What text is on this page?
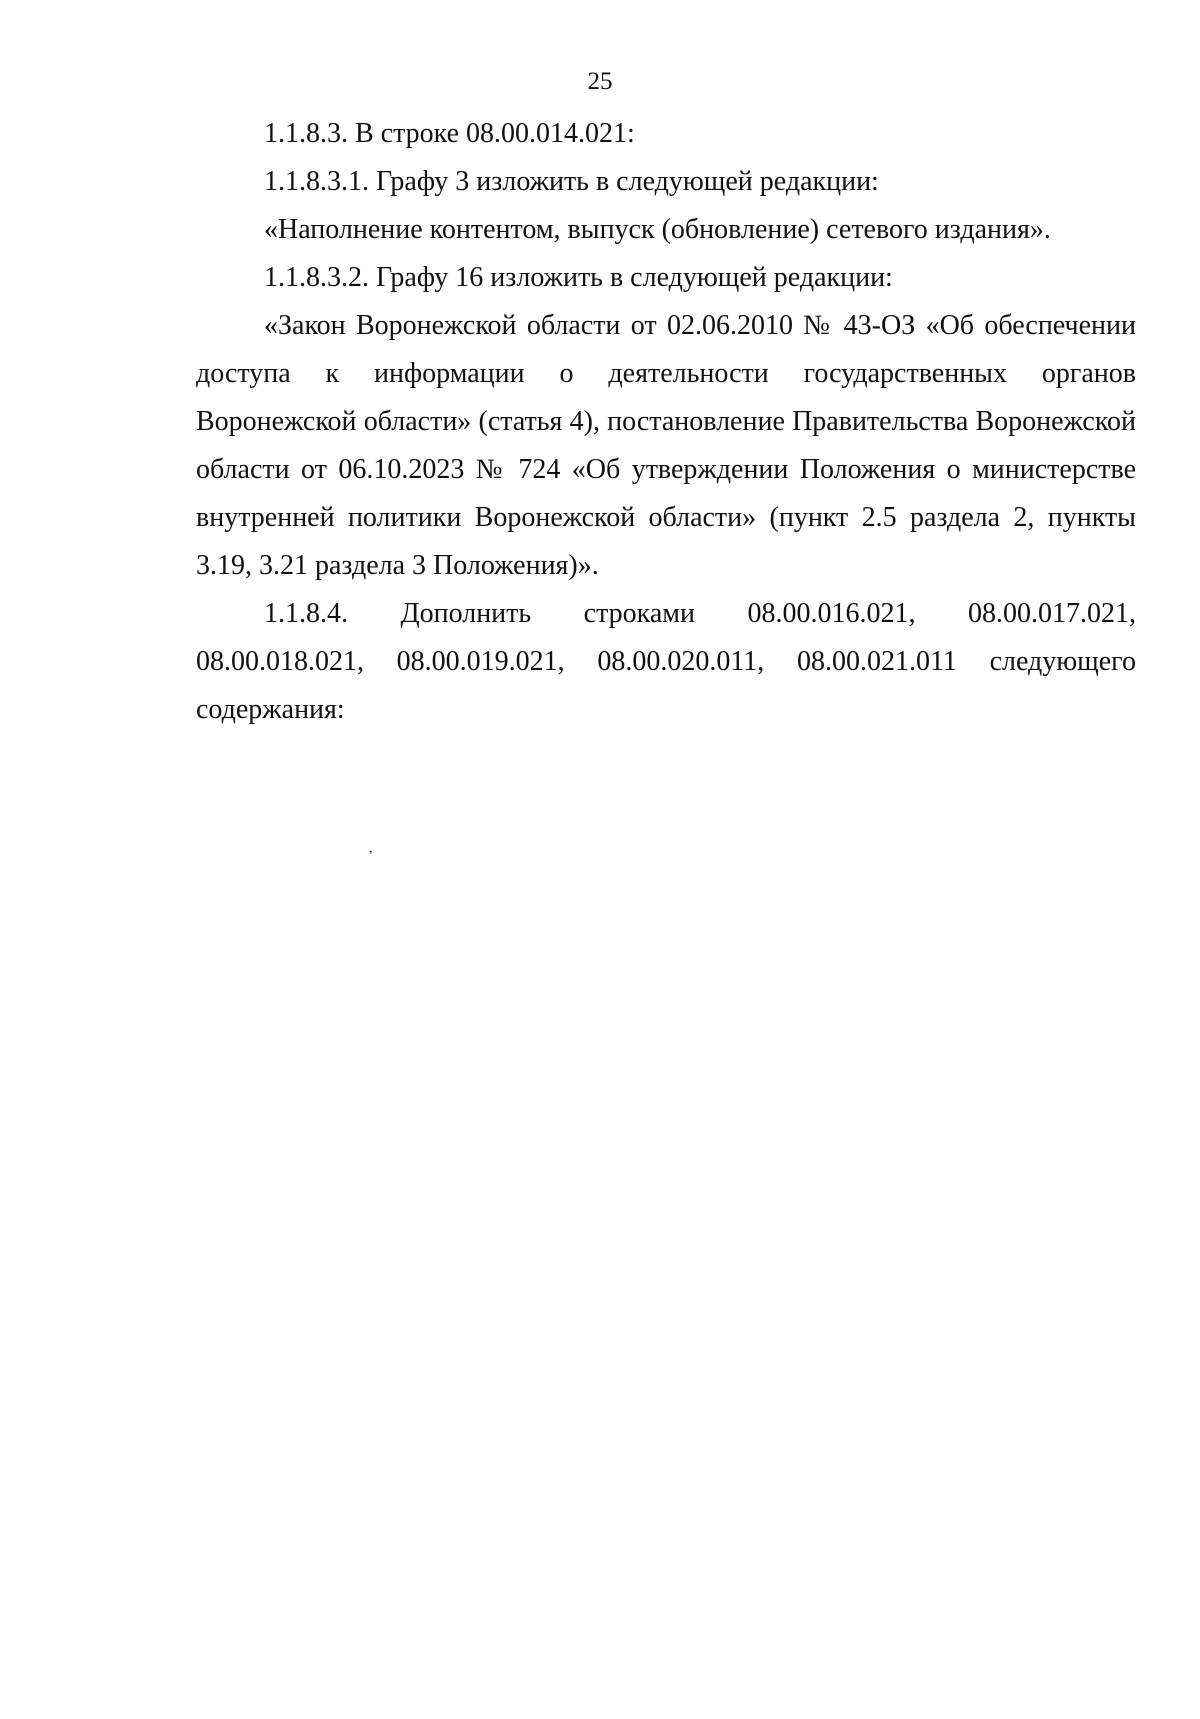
25

1.1.8.3. В строке 08.00.014.021:

1.1.8.3.1. Графу 3 изложить в следующей редакции:

«Наполнение контентом, выпуск (обновление) сетевого издания».

1.1.8.3.2. Графу 16 изложить в следующей редакции:

«Закон Воронежской области от 02.06.2010 № 43-ОЗ «Об обеспечении доступа к информации о деятельности государственных органов Воронежской области» (статья 4), постановление Правительства Воронежской области от 06.10.2023 № 724 «Об утверждении Положения о министерстве внутренней политики Воронежской области» (пункт 2.5 раздела 2, пункты 3.19, 3.21 раздела 3 Положения)».

1.1.8.4. Дополнить строками 08.00.016.021, 08.00.017.021,
08.00.018.021, 08.00.019.021, 08.00.020.011, 08.00.021.011 следующего

содержания:

,
